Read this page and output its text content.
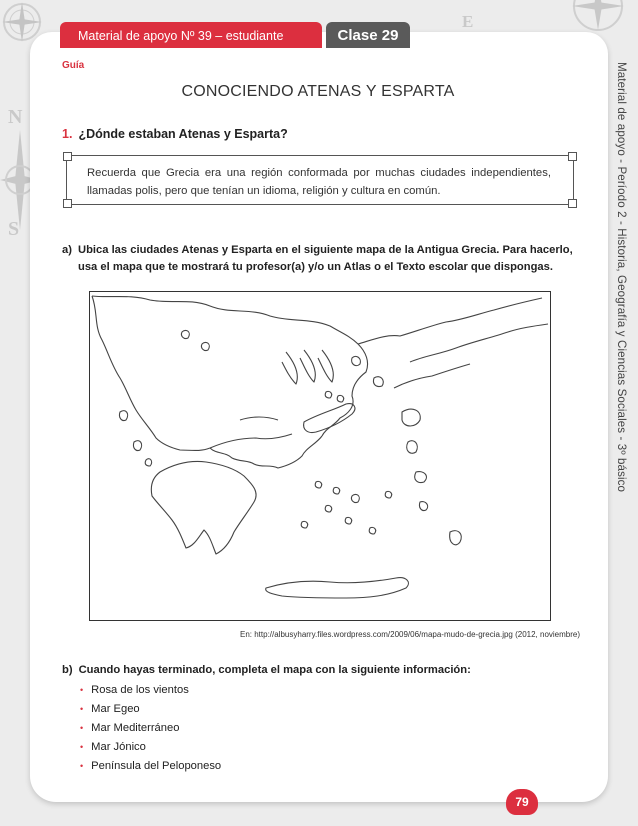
N
S
E
Material de apoyo Nº 39 – estudiante	Clase 29
Guía
CONOCIENDO ATENAS Y ESPARTA
1. ¿Dónde estaban Atenas y Esparta?
Recuerda que Grecia era una región conformada por muchas ciudades independientes, llamadas polis, pero que tenían un idioma, religión y cultura en común.
a) Ubica las ciudades Atenas y Esparta en el siguiente mapa de la Antigua Grecia. Para hacerlo, usa el mapa que te mostrará tu profesor(a) y/o un Atlas o el Texto escolar que dispongas.
En: http://albusyharry.files.wordpress.com/2009/06/mapa-mudo-de-grecia.jpg (2012, noviembre)
b) Cuando hayas terminado, completa el mapa con la siguiente información:
• Rosa de los vientos
• Mar Egeo
• Mar Mediterráneo
• Mar Jónico
• Península del Peloponeso
Material de apoyo - Período 2 - Historia, Geografía y Ciencias Sociales - 3º básico
79
